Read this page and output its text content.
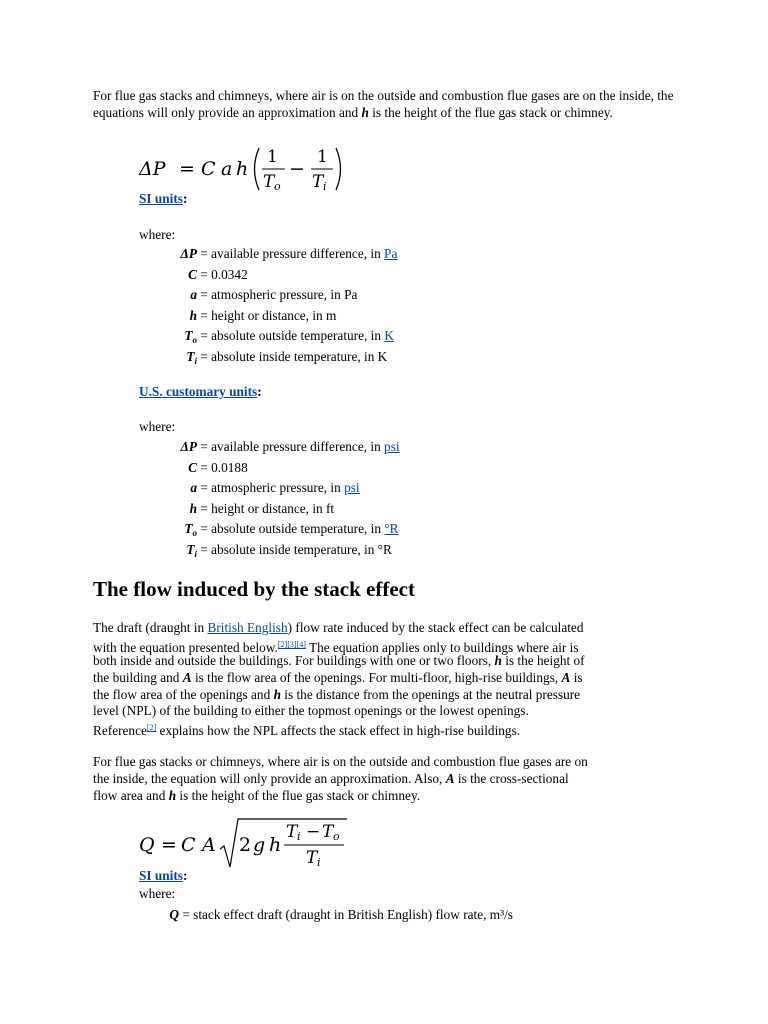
For flue gas stacks and chimneys, where air is on the outside and combustion flue gases are on the inside, the equations will only provide an approximation and h is the height of the flue gas stack or chimney.
ΔP = C a h
1
T o
−
1
T i
SI units:
where:
ΔP = available pressure difference, in Pa
C = 0.0342
a = atmospheric pressure, in Pa
h = height or distance, in m
$T_o$ = absolute outside temperature, in K
$T_i$ = absolute inside temperature, in K
U.S. customary units:
where:
ΔP = available pressure difference, in psi
C = 0.0188
a = atmospheric pressure, in psi
h = height or distance, in ft
$T_o$ = absolute outside temperature, in °R
$T_i$ = absolute inside temperature, in °R
The flow induced by the stack effect
The draft (draught in British English) flow rate induced by the stack effect can be calculated
with the equation presented below.[2][3][4] The equation applies only to buildings where air is
both inside and outside the buildings. For buildings with one or two floors, h is the height of
the building and A is the flow area of the openings. For multi-floor, high-rise buildings, A is
the flow area of the openings and h is the distance from the openings at the neutral pressure
level (NPL) of the building to either the topmost openings or the lowest openings.
Reference[2] explains how the NPL affects the stack effect in high-rise buildings.
For flue gas stacks or chimneys, where air is on the outside and combustion flue gases are on
the inside, the equation will only provide an approximation. Also, A is the cross-sectional
flow area and h is the height of the flue gas stack or chimney.
Q = C A 2 g h
T i − T o
T i
SI units:
where:
Q = stack effect draft (draught in British English) flow rate, m³/s
